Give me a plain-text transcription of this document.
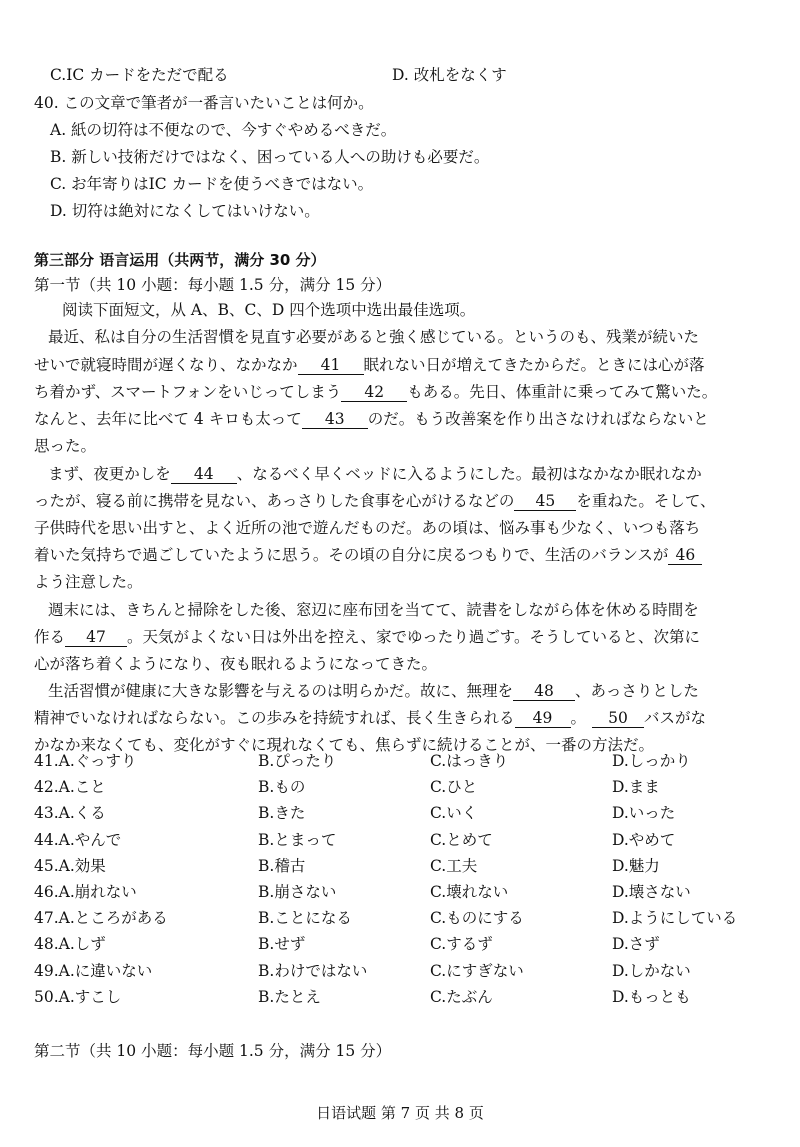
C.IC カードをただで配る	D. 改札をなくす
40. この文章で筆者が一番言いたいことは何か。
A. 紙の切符は不便なので、今すぐやめるべきだ。
B. 新しい技術だけではなく、困っている人への助けも必要だ。
C. お年寄りはIC カードを使うべきではない。
D. 切符は絶対になくしてはいけない。
第三部分 语言运用（共两节，满分 30 分）
第一节（共 10 小题：每小题 1.5 分，满分 15 分）
阅读下面短文，从 A、B、C、D 四个选项中选出最佳选项。
最近、私は自分の生活習慣を見直す必要があると強く感じている。というのも、残業が続いた
せいで就寝時間が遅くなり、なかなか 41 眠れない日が増えてきたからだ。ときには心が落
ち着かず、スマートフォンをいじってしまう 42 もある。先日、体重計に乗ってみて驚いた。
なんと、去年に比べて 4 キロも太って 43 のだ。もう改善案を作り出さなければならないと
思った。
まず、夜更かしを 44 、なるべく早くベッドに入るようにした。最初はなかなか眠れなか
ったが、寝る前に携帯を見ない、あっさりした食事を心がけるなどの 45 を重ねた。そして、
子供時代を思い出すと、よく近所の池で遊んだものだ。あの頃は、悩み事も少なく、いつも落ち
着いた気持ちで過ごしていたように思う。その頃の自分に戻るつもりで、生活のバランスが 46
よう注意した。
週末には、きちんと掃除をした後、窓辺に座布団を当てて、読書をしながら体を休める時間を
作る 47 。天気がよくない日は外出を控え、家でゆったり過ごす。そうしていると、次第に
心が落ち着くようになり、夜も眠れるようになってきた。
生活習慣が健康に大きな影響を与えるのは明らかだ。故に、無理を 48 、あっさりとした
精神でいなければならない。この歩みを持続すれば、長く生きられる 49 。 50 バスがな
かなか来なくても、変化がすぐに現れなくても、焦らずに続けることが、一番の方法だ。
41.A.ぐっすり	B.ぴったり	C.はっきり	D.しっかり
42.A.こと	B.もの	C.ひと	D.まま
43.A.くる	B.きた	C.いく	D.いった
44.A.やんで	B.とまって	C.とめて	D.やめて
45.A.効果	B.稽古	C.工夫	D.魅力
46.A.崩れない	B.崩さない	C.壊れない	D.壊さない
47.A.ところがある	B.ことになる	C.ものにする	D.ようにしている
48.A.しず	B.せず	C.するず	D.さず
49.A.に違いない	B.わけではない	C.にすぎない	D.しかない
50.A.すこし	B.たとえ	C.たぶん	D.もっとも
第二节（共 10 小题：每小题 1.5 分，满分 15 分）
日语试题 第 7 页 共 8 页
